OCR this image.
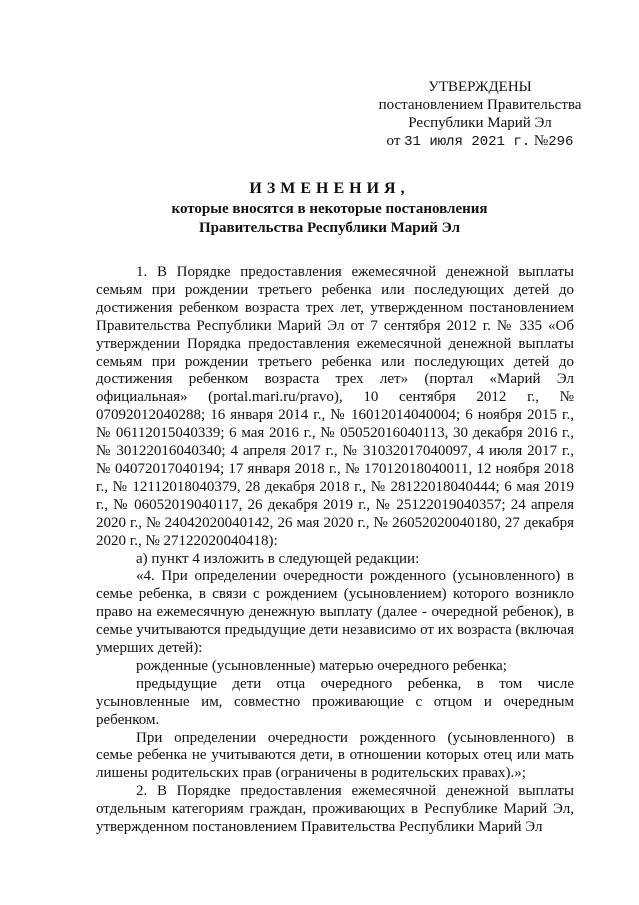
УТВЕРЖДЕНЫ
постановлением Правительства
Республики Марий Эл
от 31 июля 2021 г. №296
ИЗМЕНЕНИЯ,
которые вносятся в некоторые постановления
Правительства Республики Марий Эл

1. В Порядке предоставления ежемесячной денежной выплаты семьям при рождении третьего ребенка или последующих детей до достижения ребенком возраста трех лет, утвержденном постановлением Правительства Республики Марий Эл от 7 сентября 2012 г. № 335 «Об утверждении Порядка предоставления ежемесячной денежной выплаты семьям при рождении третьего ребенка или последующих детей до достижения ребенком возраста трех лет» (портал «Марий Эл официальная» (portal.mari.ru/pravo), 10 сентября 2012 г., № 07092012040288; 16 января 2014 г., № 16012014040004; 6 ноября 2015 г., № 06112015040339; 6 мая 2016 г., № 05052016040113, 30 декабря 2016 г., № 30122016040340; 4 апреля 2017 г., № 31032017040097, 4 июля 2017 г., № 04072017040194; 17 января 2018 г., № 17012018040011, 12 ноября 2018 г., № 12112018040379, 28 декабря 2018 г., № 28122018040444; 6 мая 2019 г., № 06052019040117, 26 декабря 2019 г., № 25122019040357; 24 апреля 2020 г., № 24042020040142, 26 мая 2020 г., № 26052020040180, 27 декабря 2020 г., № 27122020040418):

а) пункт 4 изложить в следующей редакции:

«4. При определении очередности рожденного (усыновленного) в семье ребенка, в связи с рождением (усыновлением) которого возникло право на ежемесячную денежную выплату (далее - очередной ребенок), в семье учитываются предыдущие дети независимо от их возраста (включая умерших детей):

рожденные (усыновленные) матерью очередного ребенка;

предыдущие дети отца очередного ребенка, в том числе усыновленные им, совместно проживающие с отцом и очередным ребенком.

При определении очередности рожденного (усыновленного) в семье ребенка не учитываются дети, в отношении которых отец или мать лишены родительских прав (ограничены в родительских правах).»;

2. В Порядке предоставления ежемесячной денежной выплаты отдельным категориям граждан, проживающих в Республике Марий Эл, утвержденном постановлением Правительства Республики Марий Эл
